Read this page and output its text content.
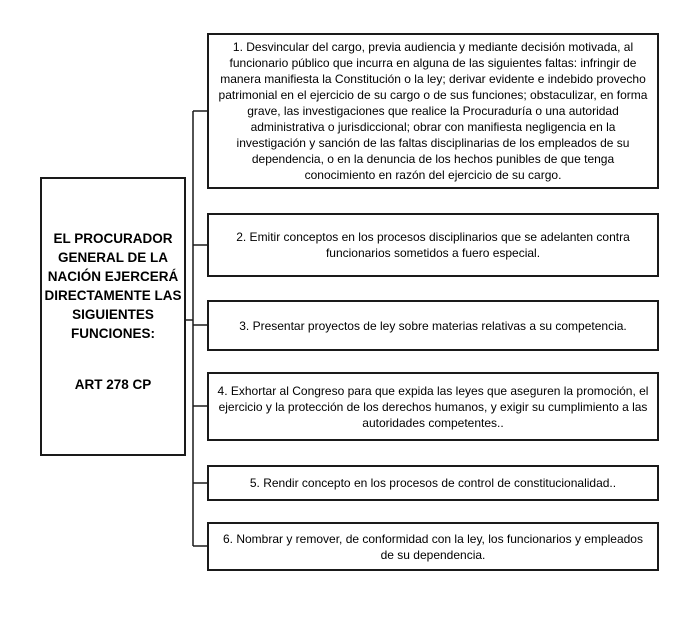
EL PROCURADOR GENERAL DE LA NACIÓN EJERCERÁ DIRECTAMENTE LAS SIGUIENTES FUNCIONES:
ART 278 CP
1. Desvincular del cargo, previa audiencia y mediante decisión motivada, al funcionario público que incurra en alguna de las siguientes faltas: infringir de manera manifiesta la Constitución o la ley; derivar evidente e indebido provecho patrimonial en el ejercicio de su cargo o de sus funciones; obstaculizar, en forma grave, las investigaciones que realice la Procuraduría o una autoridad administrativa o jurisdiccional; obrar con manifiesta negligencia en la investigación y sanción de las faltas disciplinarias de los empleados de su dependencia, o en la denuncia de los hechos punibles de que tenga conocimiento en razón del ejercicio de su cargo.
2. Emitir conceptos en los procesos disciplinarios que se adelanten contra funcionarios sometidos a fuero especial.
3. Presentar proyectos de ley sobre materias relativas a su competencia.
4. Exhortar al Congreso para que expida las leyes que aseguren la promoción, el ejercicio y la protección de los derechos humanos, y exigir su cumplimiento a las autoridades competentes..
5. Rendir concepto en los procesos de control de constitucionalidad..
6. Nombrar y remover, de conformidad con la ley, los funcionarios y empleados de su dependencia.
